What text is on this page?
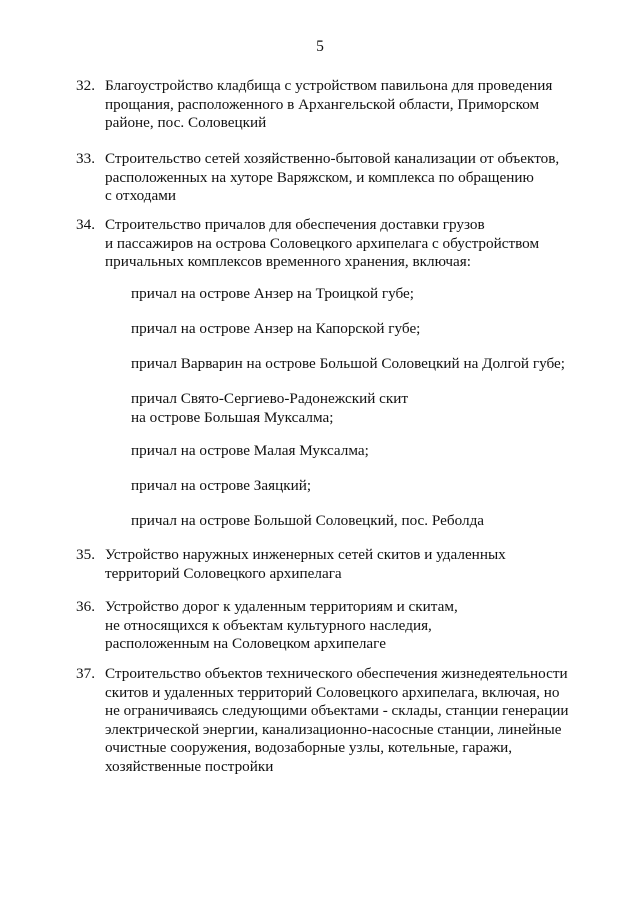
5
32. Благоустройство кладбища с устройством павильона для проведения
прощания, расположенного в Архангельской области, Приморском
районе, пос. Соловецкий
33. Строительство сетей хозяйственно-бытовой канализации от объектов,
расположенных на хуторе Варяжском, и комплекса по обращению
с отходами
34. Строительство причалов для обеспечения доставки грузов
и пассажиров на острова Соловецкого архипелага с обустройством
причальных комплексов временного хранения, включая:
причал на острове Анзер на Троицкой губе;
причал на острове Анзер на Капорской губе;
причал Варварин на острове Большой Соловецкий на Долгой губе;
причал Свято-Сергиево-Радонежский скит
на острове Большая Муксалма;
причал на острове Малая Муксалма;
причал на острове Заяцкий;
причал на острове Большой Соловецкий, пос. Реболда
35. Устройство наружных инженерных сетей скитов и удаленных
территорий Соловецкого архипелага
36. Устройство дорог к удаленным территориям и скитам,
не относящихся к объектам культурного наследия,
расположенным на Соловецком архипелаге
37. Строительство объектов технического обеспечения жизнедеятельности
скитов и удаленных территорий Соловецкого архипелага, включая, но
не ограничиваясь следующими объектами - склады, станции генерации
электрической энергии, канализационно-насосные станции, линейные
очистные сооружения, водозаборные узлы, котельные, гаражи,
хозяйственные постройки
